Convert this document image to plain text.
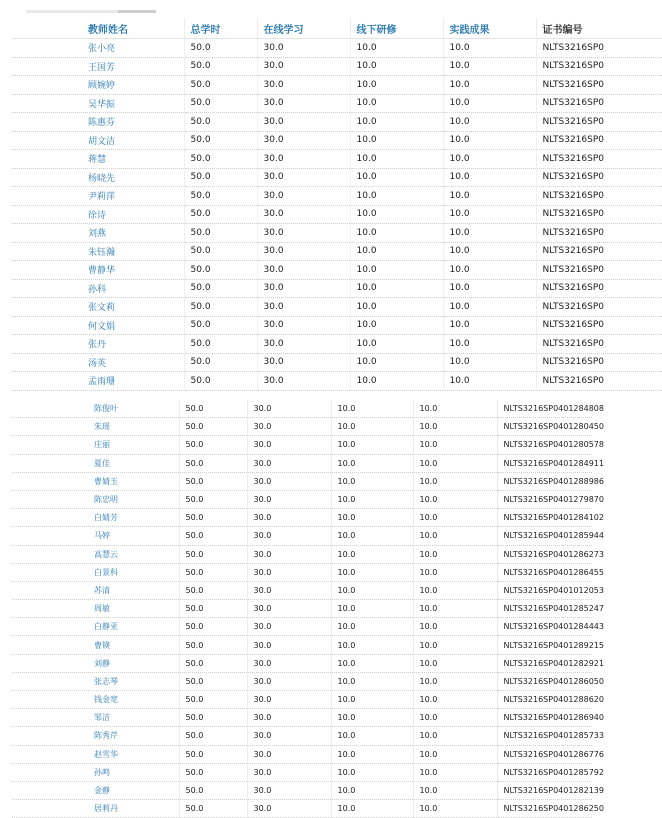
教师姓名	总学时	在线学习	线下研修	实践成果	证书编号
张小亮	50.0	30.0	10.0	10.0	NLTS3216SP0
王国芳	50.0	30.0	10.0	10.0	NLTS3216SP0
顾婉婷	50.0	30.0	10.0	10.0	NLTS3216SP0
吴华振	50.0	30.0	10.0	10.0	NLTS3216SP0
陈惠芬	50.0	30.0	10.0	10.0	NLTS3216SP0
胡文洁	50.0	30.0	10.0	10.0	NLTS3216SP0
蒋慧	50.0	30.0	10.0	10.0	NLTS3216SP0
杨晓先	50.0	30.0	10.0	10.0	NLTS3216SP0
尹莉萍	50.0	30.0	10.0	10.0	NLTS3216SP0
徐诗	50.0	30.0	10.0	10.0	NLTS3216SP0
刘燕	50.0	30.0	10.0	10.0	NLTS3216SP0
朱钰瀚	50.0	30.0	10.0	10.0	NLTS3216SP0
曹静华	50.0	30.0	10.0	10.0	NLTS3216SP0
孙科	50.0	30.0	10.0	10.0	NLTS3216SP0
张文莉	50.0	30.0	10.0	10.0	NLTS3216SP0
何文娟	50.0	30.0	10.0	10.0	NLTS3216SP0
张丹	50.0	30.0	10.0	10.0	NLTS3216SP0
汤英	50.0	30.0	10.0	10.0	NLTS3216SP0
孟雨珊	50.0	30.0	10.0	10.0	NLTS3216SP0
陈俊叶	50.0	30.0	10.0	10.0	NLTS3216SP0401284808
朱瑶	50.0	30.0	10.0	10.0	NLTS3216SP0401280450
庄丽	50.0	30.0	10.0	10.0	NLTS3216SP0401280578
夏佳	50.0	30.0	10.0	10.0	NLTS3216SP0401284911
曹婧玉	50.0	30.0	10.0	10.0	NLTS3216SP0401288986
陈忠明	50.0	30.0	10.0	10.0	NLTS3216SP0401279870
白婧芳	50.0	30.0	10.0	10.0	NLTS3216SP0401284102
马婷	50.0	30.0	10.0	10.0	NLTS3216SP0401285944
高慧云	50.0	30.0	10.0	10.0	NLTS3216SP0401286273
白景科	50.0	30.0	10.0	10.0	NLTS3216SP0401286455
苏清	50.0	30.0	10.0	10.0	NLTS3216SP0401012053
周敏	50.0	30.0	10.0	10.0	NLTS3216SP0401285247
白静亚	50.0	30.0	10.0	10.0	NLTS3216SP0401284443
曹锳	50.0	30.0	10.0	10.0	NLTS3216SP0401289215
刘静	50.0	30.0	10.0	10.0	NLTS3216SP0401282921
张志琴	50.0	30.0	10.0	10.0	NLTS3216SP0401286050
钱金宽	50.0	30.0	10.0	10.0	NLTS3216SP0401288620
邹洁	50.0	30.0	10.0	10.0	NLTS3216SP0401286940
陈秀芹	50.0	30.0	10.0	10.0	NLTS3216SP0401285733
赵雪华	50.0	30.0	10.0	10.0	NLTS3216SP0401286776
孙鸣	50.0	30.0	10.0	10.0	NLTS3216SP0401285792
金静	50.0	30.0	10.0	10.0	NLTS3216SP0401282139
居莉丹	50.0	30.0	10.0	10.0	NLTS3216SP0401286250
